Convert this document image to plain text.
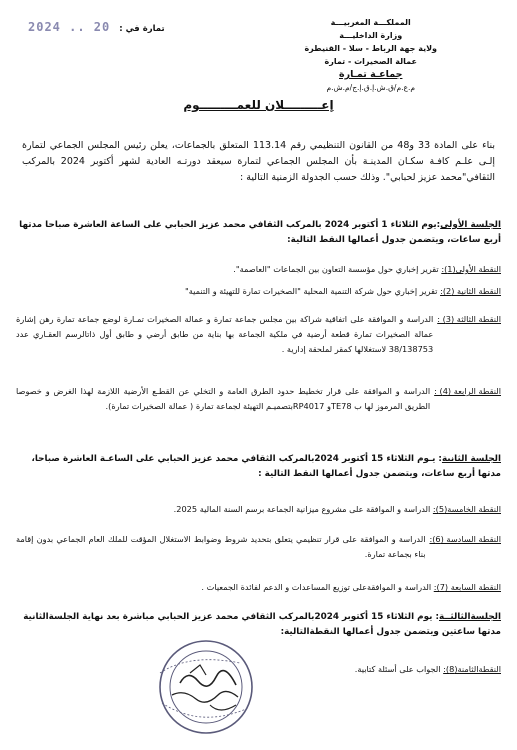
المملكـــة المغربيـــة
وزارة الداخليـــة
ولاية جهة الرباط - سلا - القنيطرة
عمالة الصخيرات - تمارة
جماعـة تمـارة
م.ع.م/ق.ش.إ.ق.إ.ج/م.ش.م
تمارة في : 2024 .. 20
إعـــــــــلان للعمـــــــــوم
بناء على المادة 33 و48 من القانون التنظيمي رقم 113.14 المتعلق بالجماعات، يعلن رئيس المجلس الجماعي لتمارة إلـى علـم كافـة سكـان المدينـة بأن المجلس الجماعي لتمارة سيعقد دورتـه العادية لشهر أكتوبر 2024 بالمركب الثقافي"محمد عزيز لحبابي". وذلك حسب الجدولة الزمنية التالية :
الجلسة الأولى:يوم الثلاثاء 1 أكتوبر 2024 بالمركب الثقافي محمد عزيز الحبابي على الساعة العاشرة صباحا مدتها أربع ساعات، ويتضمن جدول أعمالها النقط التالية:
النقطة الأولى(1): تقرير إخباري حول مؤسسة التعاون بين الجماعات "العاصمة".
النقطة الثانية (2): تقرير إخباري حول شركة التنمية المحلية "الصخيرات تمارة للتهيئة و التنمية"
النقطة الثالثة (3) :
الدراسة و الموافقة على اتفاقية شراكة بين مجلس جماعة تمارة و عمالة الصخيرات تمـارة لوضع جماعة تمارة رهن إشارة عمالة الصخيرات تمارة قطعة أرضية في ملكية الجماعة بها بناية من طابق أرضي و طابق أول ذاتالرسم العقـاري عدد 38/138753 لاستغلالها كمقر لملحقة إدارية .
النقطة الرابعة (4) :
الدراسة و الموافقة على قرار تخطيط حدود الطرق العامة و التخلي عن القطـع الأرضية اللازمة لهذا الغرض و خصوصا الطريق المرموز لها ب TE78و RP4017بتصميـم التهيئة لجماعة تمارة ( عمالة الصخيرات تمارة).
الجلسة الثانية: يـوم الثلاثاء 15 أكتوبر 2024بالمركب الثقافي محمد عزيز الحبابي على الساعـة العاشرة صباحا، مدتها أربع ساعات، ويتضمن جدول أعمالها النقط التالية :
النقطة الخامسة(5): الدراسة و الموافقة على مشروع ميزانية الجماعة برسم السنة المالية 2025.
النقطة السادسة (6):
الدراسة و الموافقة على قرار تنظيمي يتعلق بتحديد شروط وضوابط الاستغلال المؤقت للملك العام الجماعي بدون إقامة بناء بجماعة تمارة.
النقطة السابعة (7): الدراسة و الموافقةعلى توزيع المساعدات و الدعم لفائدة الجمعيات .
الجلسةالثالثــة: يوم الثلاثاء 15 أكتوبر 2024بالمركب الثقافي محمد عزيز الحبابي مباشرة بعد نهاية الجلسةالثانية مدتها ساعتين ويتضمن جدول أعمالها النقطةالتالية:
النقطةالثامنة(8): الجواب على أسئلة كتابية.
